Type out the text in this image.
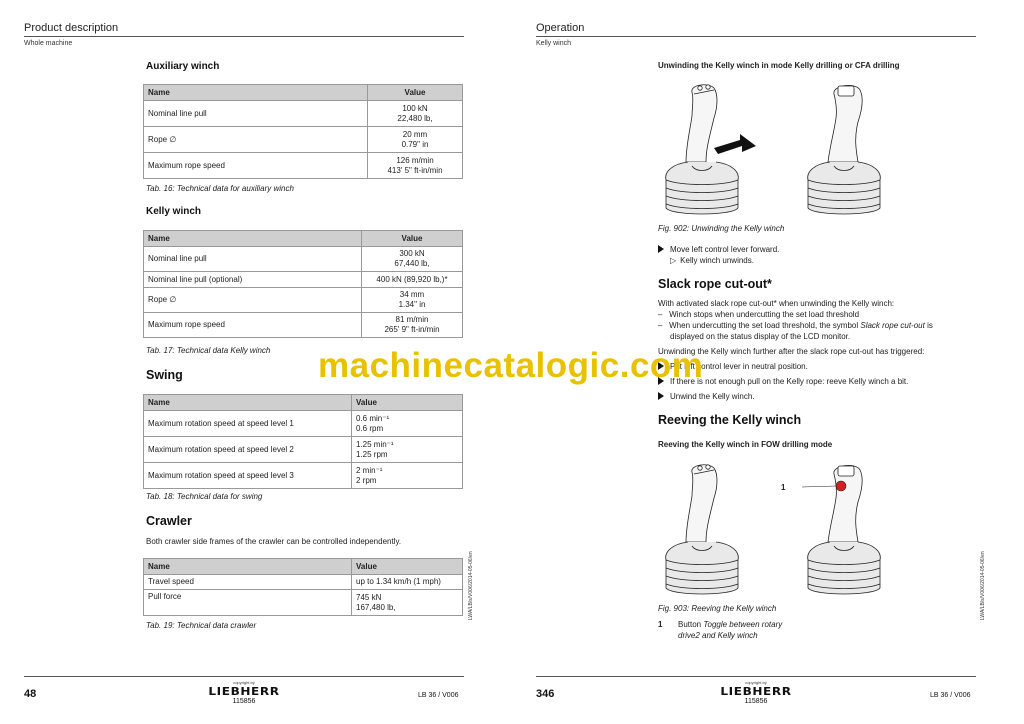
Product description
Whole machine
Auxiliary winch
Name	Value
Nominal line pull	100 kN
22,480 lb,

Rope ∅	20 mm
0.79" in

Maximum rope speed	126 m/min
413' 5" ft-in/min
Tab. 16: Technical data for auxiliary winch
Kelly winch
Name	Value
Nominal line pull	300 kN
67,440 lb,

Nominal line pull (optional)	400 kN (89,920 lb,)*

Rope ∅	34 mm
1.34" in

Maximum rope speed	81 m/min
265' 9" ft-in/min
Tab. 17: Technical data Kelly winch
Swing
Name	Value
Maximum rotation speed at speed level 1	0.6 min⁻¹
0.6 rpm

Maximum rotation speed at speed level 2	1.25 min⁻¹
1.25 rpm

Maximum rotation speed at speed level 3	2 min⁻¹
2 rpm
Tab. 18: Technical data for swing
Crawler
Both crawler side frames of the crawler can be controlled independently.
Name	Value
Travel speed	up to 1.34 km/h (1 mph)

Pull force	745 kN
167,480 lb,
Tab. 19: Technical data crawler
LWA/LB/s/V006/2014-05-06/en
48
copyright by
LIEBHERR
115856
LB 36 / V006
Operation
Kelly winch
Unwinding the Kelly winch in mode Kelly drilling or CFA drilling
Fig. 902: Unwinding the Kelly winch
Move left control lever forward.
▷ Kelly winch unwinds.
Slack rope cut-out*
With activated slack rope cut-out* when unwinding the Kelly winch:
–   Winch stops when undercutting the set load threshold
–   When undercutting the set load threshold, the symbol Slack rope cut-out is
displayed on the status display of the LCD monitor.
Unwinding the Kelly winch further after the slack rope cut-out has triggered:
Put left control lever in neutral position.
If there is not enough pull on the Kelly rope: reeve Kelly winch a bit.
Unwind the Kelly winch.
Reeving the Kelly winch
Reeving the Kelly winch in FOW drilling mode
1
Fig. 903: Reeving the Kelly winch
1 Button Toggle between rotary
drive2 and Kelly winch
LWA/LB/s/V006/2014-05-06/en
346
copyright by
LIEBHERR
115856
LB 36 / V006
machinecatalogic.com
